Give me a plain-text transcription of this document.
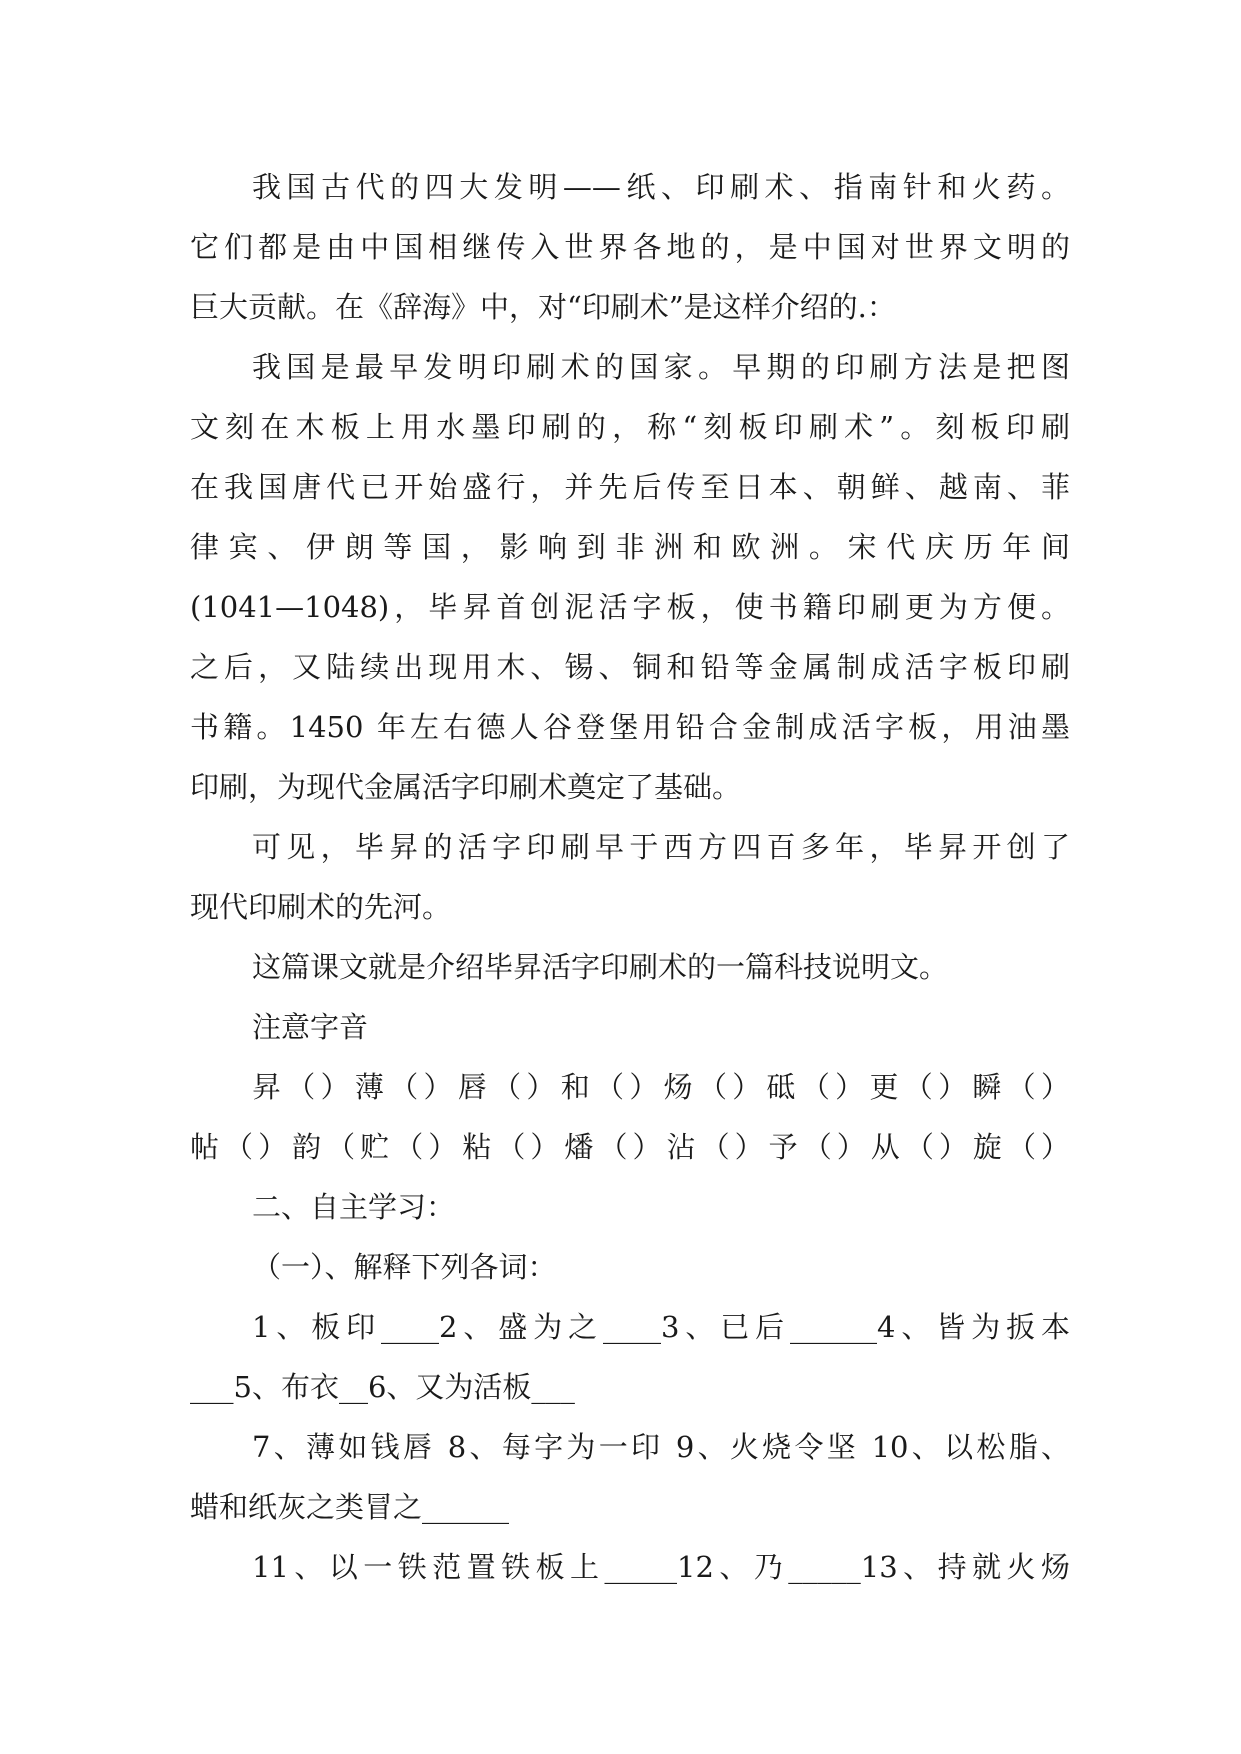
我国古代的四大发明——纸、印刷术、指南针和火药。
它们都是由中国相继传入世界各地的，是中国对世界文明的
巨大贡献。在《辞海》中，对“印刷术”是这样介绍的.：
我国是最早发明印刷术的国家。早期的印刷方法是把图
文刻在木板上用水墨印刷的，称“刻板印刷术”。刻板印刷
在我国唐代已开始盛行，并先后传至日本、朝鲜、越南、菲
律宾、伊朗等国，影响到非洲和欧洲。宋代庆历年间
(1041—1048)，毕昇首创泥活字板，使书籍印刷更为方便。
之后，又陆续出现用木、锡、铜和铅等金属制成活字板印刷
书籍。1450 年左右德人谷登堡用铅合金制成活字板，用油墨
印刷，为现代金属活字印刷术奠定了基础。
可见，毕昇的活字印刷早于西方四百多年，毕昇开创了
现代印刷术的先河。
这篇课文就是介绍毕昇活字印刷术的一篇科技说明文。
注意字音
昇（）薄（）唇（）和（）炀（）砥（）更（）瞬（）
帖（）韵（贮（）粘（）燔（）沾（）予（）从（）旋（）
二、自主学习：
（一）、解释下列各词：
1、板印____2、盛为之____3、已后______4、皆为扳本
___5、布衣__6、又为活板___
7、薄如钱唇 8、每字为一印 9、火烧令坚 10、以松脂、
蜡和纸灰之类冒之______
11、以一铁范置铁板上_____12、乃_____13、持就火炀
